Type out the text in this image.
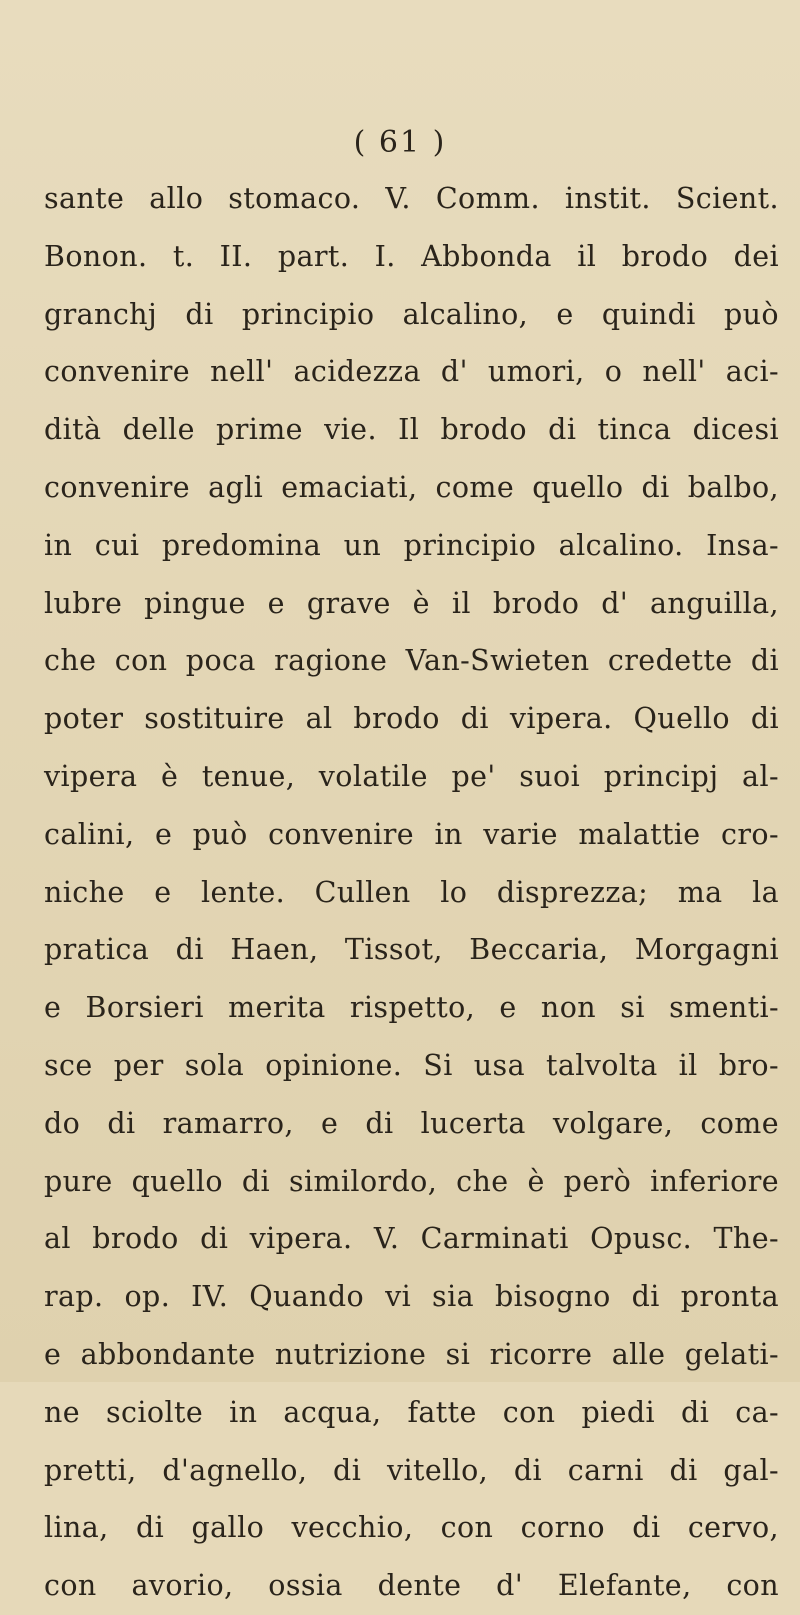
( 61 )
sante allo stomaco. V. Comm. instit. Scient.
Bonon. t. II. part. I. Abbonda il brodo dei
granchj di principio alcalino, e quindi può
convenire nell' acidezza d' umori, o nell' aci-
dità delle prime vie. Il brodo di tinca dicesi
convenire agli emaciati, come quello di balbo,
in cui predomina un principio alcalino. Insa-
lubre pingue e grave è il brodo d' anguilla,
che con poca ragione Van-Swieten credette di
poter sostituire al brodo di vipera. Quello di
vipera è tenue, volatile pe' suoi principj al-
calini, e può convenire in varie malattie cro-
niche e lente. Cullen lo disprezza; ma la
pratica di Haen, Tissot, Beccaria, Morgagni
e Borsieri merita rispetto, e non si smenti-
sce per sola opinione. Si usa talvolta il bro-
do di ramarro, e di lucerta volgare, come
pure quello di similordo, che è però inferiore
al brodo di vipera. V. Carminati Opusc. The-
rap. op. IV. Quando vi sia bisogno di pronta
e abbondante nutrizione si ricorre alle gelati-
ne sciolte in acqua, fatte con piedi di ca-
pretti, d'agnello, di vitello, di carni di gal-
lina, di gallo vecchio, con corno di cervo,
con avorio, ossia dente d' Elefante, con
